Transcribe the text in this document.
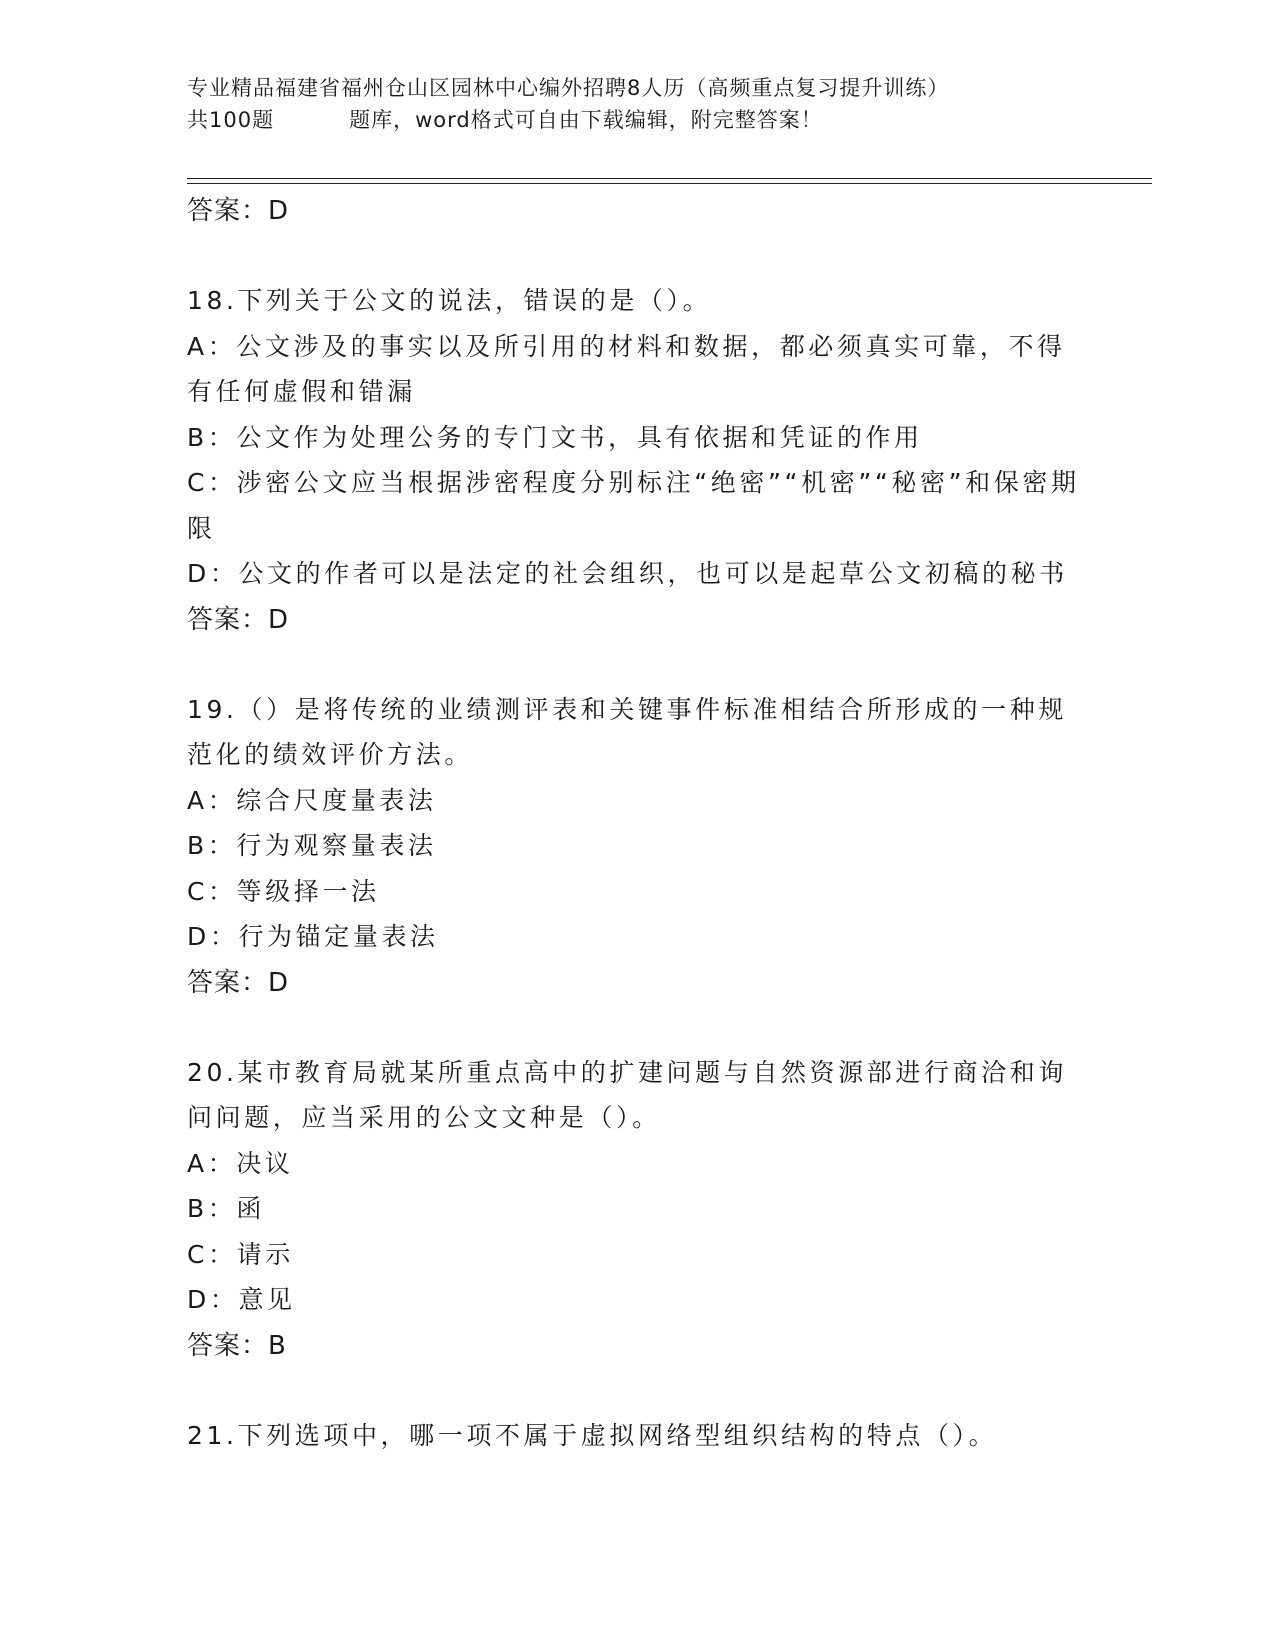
专业精品福建省福州仓山区园林中心编外招聘8人历（高频重点复习提升训练）
共100题	题库，word格式可自由下载编辑，附完整答案！
答案：D

18.下列关于公文的说法，错误的是（）。

A：公文涉及的事实以及所引用的材料和数据，都必须真实可靠，不得有任何虚假和错漏

B：公文作为处理公务的专门文书，具有依据和凭证的作用

C：涉密公文应当根据涉密程度分别标注“绝密”“机密”“秘密”和保密期限

D：公文的作者可以是法定的社会组织，也可以是起草公文初稿的秘书

答案：D

19.（）是将传统的业绩测评表和关键事件标准相结合所形成的一种规范化的绩效评价方法。

A：综合尺度量表法

B：行为观察量表法

C：等级择一法

D：行为锚定量表法

答案：D

20.某市教育局就某所重点高中的扩建问题与自然资源部进行商洽和询问问题，应当采用的公文文种是（）。

A：决议

B：函

C：请示

D：意见

答案：B

21.下列选项中，哪一项不属于虚拟网络型组织结构的特点（）。
